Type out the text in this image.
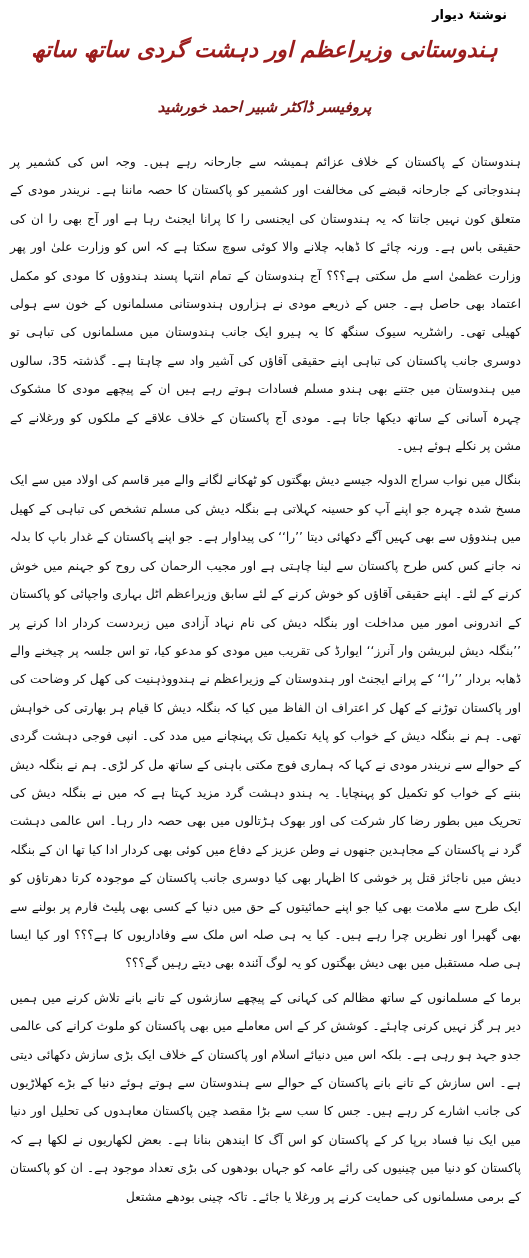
نوشتۂ دیوار
ہندوستانی وزیراعظم اور دہشت گردی ساتھ ساتھ
پروفیسر ڈاکٹر شبیر احمد خورشید

ہندوستان کے پاکستان کے خلاف عزائم ہمیشہ سے جارحانہ رہے ہیں۔ وجہ اس کی کشمیر پر ہندوجاتی کے جارحانہ قبضے کی مخالفت اور کشمیر کو پاکستان کا حصہ ماننا ہے۔ نریندر مودی کے متعلق کون نہیں جانتا کہ یہ ہندوستان کی ایجنسی را کا پرانا ایجنٹ رہا ہے اور آج بھی را ان کی حقیقی باس ہے۔ ورنہ چائے کا ڈھابہ چلانے والا کوئی سوچ سکتا ہے کہ اس کو وزارت علیٰ اور پھر وزارت عظمیٰ اسے مل سکتی ہے؟؟؟ آج ہندوستان کے تمام انتہا پسند ہندوؤں کا مودی کو مکمل اعتماد بھی حاصل ہے۔ جس کے ذریعے مودی نے ہزاروں ہندوستانی مسلمانوں کے خون سے ہولی کھیلی تھی۔ راشٹریہ سیوک سنگھ کا یہ ہیرو ایک جانب ہندوستان میں مسلمانوں کی تباہی تو دوسری جانب پاکستان کی تباہی اپنے حقیقی آقاؤں کی آشیر واد سے چاہتا ہے۔ گذشتہ 35، سالوں میں ہندوستان میں جتنے بھی ہندو مسلم فسادات ہوتے رہے ہیں ان کے پیچھے مودی کا مشکوک چہرہ آسانی کے ساتھ دیکھا جاتا ہے۔ مودی آج پاکستان کے خلاف علاقے کے ملکوں کو ورغلانے کے مشن پر نکلے ہوئے ہیں۔

بنگال میں نواب سراج الدولہ جیسے دیش بھگتوں کو ٹھکانے لگانے والے میر قاسم کی اولاد میں سے ایک مسخ شدہ چہرہ جو اپنے آپ کو حسینہ کہلاتی ہے بنگلہ دیش کی مسلم تشخص کی تباہی کے کھیل میں ہندوؤں سے بھی کہیں آگے دکھائی دیتا ’’را‘‘ کی پیداوار ہے۔ جو اپنے پاکستان کے غدار باپ کا بدلہ نہ جانے کس کس طرح پاکستان سے لینا چاہتی ہے اور مجیب الرحمان کی روح کو جہنم میں خوش کرنے کے لئے۔ اپنے حقیقی آقاؤں کو خوش کرنے کے لئے سابق وزیراعظم اٹل بہاری واجپائی کو پاکستان کے اندرونی امور میں مداخلت اور بنگلہ دیش کی نام نہاد آزادی میں زبردست کردار ادا کرنے پر ’’بنگلہ دیش لبریشن وار آنرز‘‘ ایوارڈ کی تقریب میں مودی کو مدعو کیا، تو اس جلسہ پر چیخنے والے ڈھابہ بردار ’’را‘‘ کے پرانے ایجنٹ اور ہندوستان کے وزیراعظم نے ہندووذہنیت کی کھل کر وضاحت کی اور پاکستان توڑنے کے کھل کر اعتراف ان الفاظ میں کیا کہ بنگلہ دیش کا قیام ہر بھارتی کی خواہش تھی۔ ہم نے بنگلہ دیش کے خواب کو پایۂ تکمیل تک پہنچانے میں مدد کی۔ انپی فوجی دہشت گردی کے حوالے سے نریندر مودی نے کہا کہ ہماری فوج مکتی باہنی کے ساتھ مل کر لڑی۔ ہم نے بنگلہ دیش بننے کے خواب کو تکمیل کو پہنچایا۔ یہ ہندو دہشت گرد مزید کہتا ہے کہ میں نے بنگلہ دیش کی تحریک میں بطور رضا کار شرکت کی اور بھوک ہڑتالوں میں بھی حصہ دار رہا۔ اس عالمی دہشت گرد نے پاکستان کے مجاہدین جنھوں نے وطن عزیز کے دفاع میں کوئی بھی کردار ادا کیا تھا ان کے بنگلہ دیش میں ناجائز قتل پر خوشی کا اظہار بھی کیا دوسری جانب پاکستان کے موجودہ کرتا دھرتاؤں کو ایک طرح سے ملامت بھی کیا جو اپنے حمائیتوں کے حق میں دنیا کے کسی بھی پلیٹ فارم پر بولنے سے بھی گھبرا اور نظریں چرا رہے ہیں۔ کیا یہ ہی صلہ اس ملک سے وفاداریوں کا ہے؟؟؟ اور کیا ایسا ہی صلہ مستقبل میں بھی دیش بھگتوں کو یہ لوگ آئندہ بھی دیتے رہیں گے؟؟؟

برما کے مسلمانوں کے ساتھ مظالم کی کہانی کے پیچھے سازشوں کے تانے بانے تلاش کرنے میں ہمیں دیر ہر گز نہیں کرنی چاہئے۔ کوشش کر کے اس معاملے میں بھی پاکستان کو ملوث کرانے کی عالمی جدو جہد ہو رہی ہے۔ بلکہ اس میں دنیائے اسلام اور پاکستان کے خلاف ایک بڑی سازش دکھائی دیتی ہے۔ اس سازش کے تانے بانے پاکستان کے حوالے سے ہندوستان سے ہوتے ہوئے دنیا کے بڑے کھلاڑیوں کی جانب اشارے کر رہے ہیں۔ جس کا سب سے بڑا مقصد چین پاکستان معاہدوں کی تحلیل اور دنیا میں ایک نیا فساد برپا کر کے پاکستان کو اس آگ کا ایندھن بنانا ہے۔ بعض لکھاریوں نے لکھا ہے کہ پاکستان کو دنیا میں چینیوں کی رائے عامہ کو جہاں بودھوں کی بڑی تعداد موجود ہے۔ ان کو پاکستان کے برمی مسلمانوں کی حمایت کرنے پر ورغلا یا جائے۔ تاکہ چینی بودھے مشتعل
